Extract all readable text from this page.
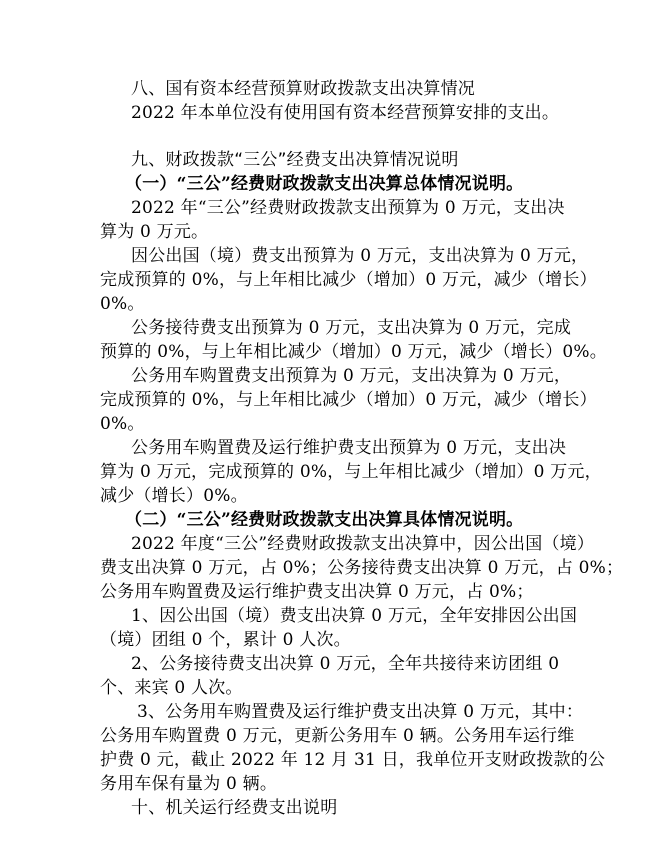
八、国有资本经营预算财政拨款支出决算情况
2022 年本单位没有使用国有资本经营预算安排的支出。
九、财政拨款“三公”经费支出决算情况说明
（一）“三公”经费财政拨款支出决算总体情况说明。
2022 年“三公”经费财政拨款支出预算为 0 万元，支出决
算为 0 万元。
因公出国（境）费支出预算为 0 万元，支出决算为 0 万元，
完成预算的 0%，与上年相比减少（增加）0 万元，减少（增长）
0%。
公务接待费支出预算为 0 万元，支出决算为 0 万元，完成
预算的 0%，与上年相比减少（增加）0 万元，减少（增长）0%。
公务用车购置费支出预算为 0 万元，支出决算为 0 万元，
完成预算的 0%，与上年相比减少（增加）0 万元，减少（增长）
0%。
公务用车购置费及运行维护费支出预算为 0 万元，支出决
算为 0 万元，完成预算的 0%，与上年相比减少（增加）0 万元，
减少（增长）0%。
（二）“三公”经费财政拨款支出决算具体情况说明。
2022 年度“三公”经费财政拨款支出决算中，因公出国（境）
费支出决算 0 万元，占 0%；公务接待费支出决算 0 万元，占 0%；
公务用车购置费及运行维护费支出决算 0 万元，占 0%；
1、因公出国（境）费支出决算 0 万元，全年安排因公出国
（境）团组 0 个，累计 0 人次。
2、公务接待费支出决算 0 万元，全年共接待来访团组 0
个、来宾 0 人次。
3、公务用车购置费及运行维护费支出决算 0 万元，其中：
公务用车购置费 0 万元，更新公务用车 0 辆。公务用车运行维
护费 0 元，截止 2022 年 12 月 31 日，我单位开支财政拨款的公
务用车保有量为 0 辆。
十、机关运行经费支出说明
